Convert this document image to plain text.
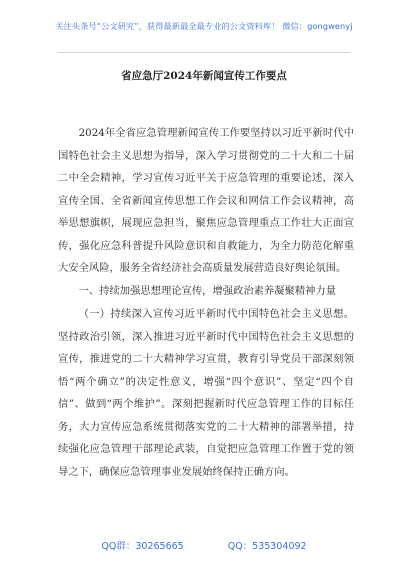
关注头条号“公文研究”，获得最新最全最专业的公文资料库！ 微信：gongwenyj
省应急厅2024年新闻宣传工作要点

2024年全省应急管理新闻宣传工作要坚持以习近平新时代中国特色社会主义思想为指导，深入学习贯彻党的二十大和二十届二中全会精神，学习宣传习近平关于应急管理的重要论述，深入宣传全国、全省新闻宣传思想工作会议和网信工作会议精神，高举思想旗帜，展现应急担当，聚焦应急管理重点工作壮大正面宣传，强化应急科普提升风险意识和自救能力，为全力防范化解重大安全风险，服务全省经济社会高质量发展营造良好舆论氛围。

一、持续加强思想理论宣传，增强政治素养凝聚精神力量

（一）持续深入宣传习近平新时代中国特色社会主义思想。坚持政治引领，深入推进习近平新时代中国特色社会主义思想的宣传，推进党的二十大精神学习宣贯，教育引导党员干部深刻领悟“两个确立”的决定性意义，增强“四个意识”、坚定“四个自信”、做到“两个维护”。深刻把握新时代应急管理工作的目标任务，大力宣传应急系统贯彻落实党的二十大精神的部署举措，持续强化应急管理干部理论武装，自觉把应急管理工作置于党的领导之下，确保应急管理事业发展始终保持正确方向。

QQ群：30265665	QQ：535304092
